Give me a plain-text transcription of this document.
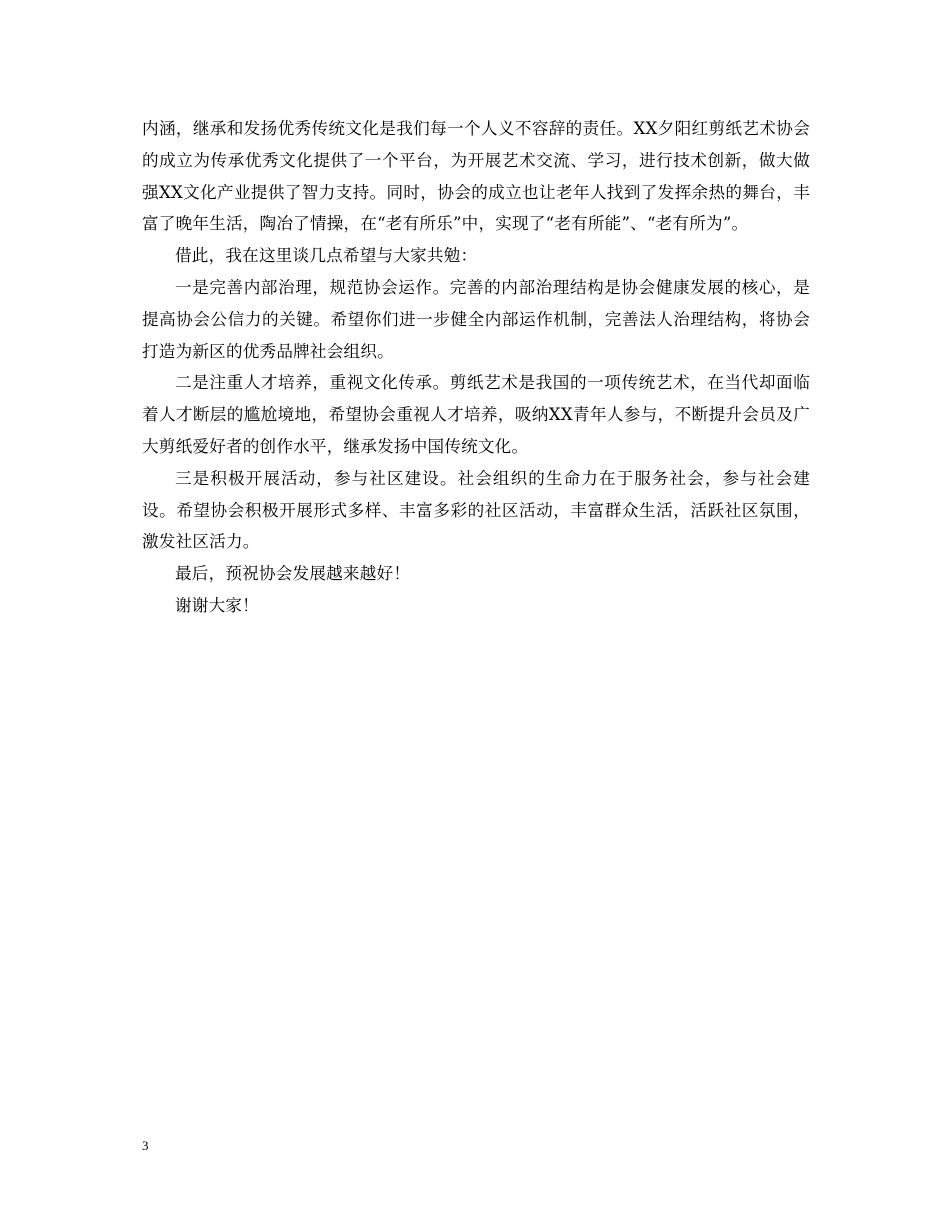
内涵，继承和发扬优秀传统文化是我们每一个人义不容辞的责任。XX夕阳红剪纸艺术协会的成立为传承优秀文化提供了一个平台，为开展艺术交流、学习，进行技术创新，做大做强XX文化产业提供了智力支持。同时，协会的成立也让老年人找到了发挥余热的舞台，丰富了晚年生活，陶冶了情操，在“老有所乐”中，实现了“老有所能”、“老有所为”。

借此，我在这里谈几点希望与大家共勉：

一是完善内部治理，规范协会运作。完善的内部治理结构是协会健康发展的核心，是提高协会公信力的关键。希望你们进一步健全内部运作机制，完善法人治理结构，将协会打造为新区的优秀品牌社会组织。

二是注重人才培养，重视文化传承。剪纸艺术是我国的一项传统艺术，在当代却面临着人才断层的尴尬境地，希望协会重视人才培养，吸纳XX青年人参与，不断提升会员及广大剪纸爱好者的创作水平，继承发扬中国传统文化。

三是积极开展活动，参与社区建设。社会组织的生命力在于服务社会，参与社会建设。希望协会积极开展形式多样、丰富多彩的社区活动，丰富群众生活，活跃社区氛围，激发社区活力。

最后，预祝协会发展越来越好！

谢谢大家！

3
